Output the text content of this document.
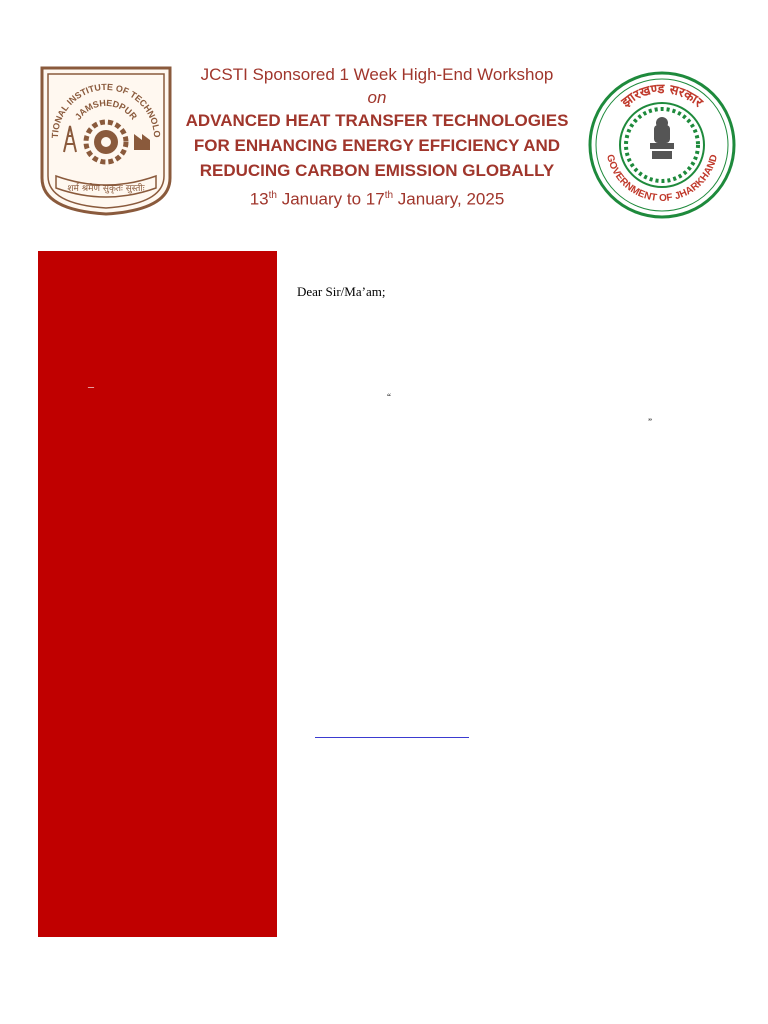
TIONAL INSTITUTE OF TECHNOLO
JAMSHEDPUR
शर्म श्रमेण सुकृतः सुस्तीः
JCSTI Sponsored 1 Week High-End Workshop
on
ADVANCED HEAT TRANSFER TECHNOLOGIES
FOR ENHANCING ENERGY EFFICIENCY AND
REDUCING CARBON EMISSION GLOBALLY
13th January to 17th January, 2025
झारखण्ड सरकार
GOVERNMENT OF JHARKHAND
–
Dear Sir/Ma’am;
“
”
